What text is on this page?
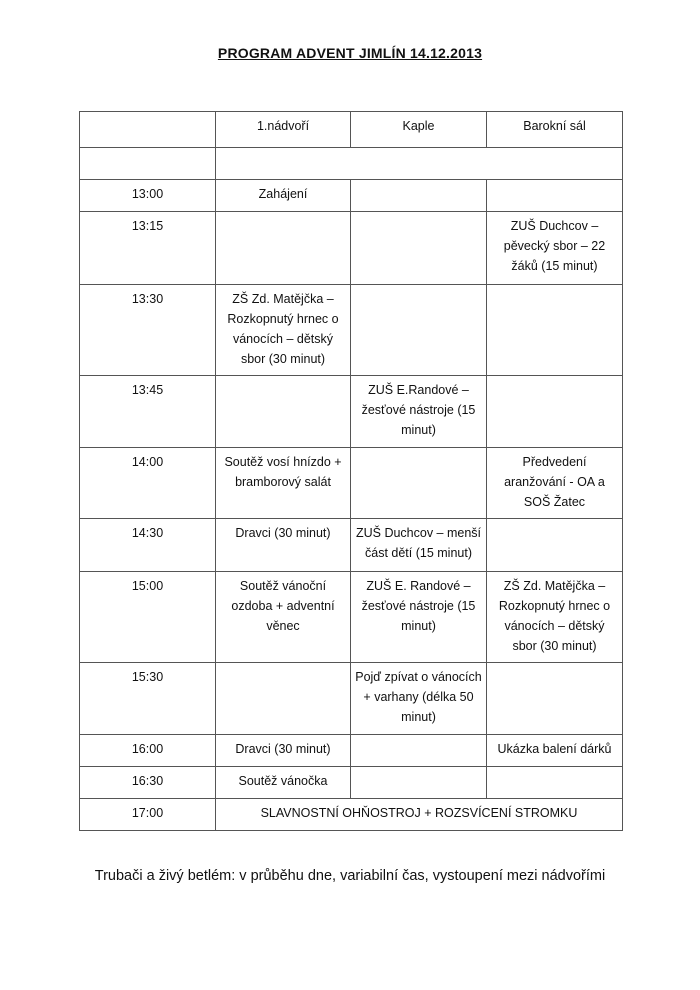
PROGRAM ADVENT JIMLÍN 14.12.2013
	1.nádvoří	Kaple	Barokní sál

13:00	Zahájení		
13:15			ZUŠ Duchcov – pěvecký sbor – 22 žáků (15 minut)
13:30	ZŠ Zd. Matějčka – Rozkopnutý hrnec o vánocích – dětský sbor (30 minut)		
13:45		ZUŠ E.Randové – žesťové nástroje (15 minut)	
14:00	Soutěž vosí hnízdo + bramborový salát		Předvedení aranžování - OA a SOŠ Žatec
14:30	Dravci (30 minut)	ZUŠ Duchcov – menší část dětí (15 minut)	
15:00	Soutěž vánoční ozdoba + adventní věnec	ZUŠ E. Randové – žesťové nástroje (15 minut)	ZŠ Zd. Matějčka – Rozkopnutý hrnec o vánocích – dětský sbor (30 minut)
15:30		Pojď zpívat o vánocích + varhany (délka 50 minut)	
16:00	Dravci (30 minut)		Ukázka balení dárků
16:30	Soutěž vánočka		
17:00	SLAVNOSTNÍ OHŇOSTROJ + ROZSVÍCENÍ STROMKU		
Trubači a živý betlém: v průběhu dne, variabilní čas, vystoupení mezi nádvořími
